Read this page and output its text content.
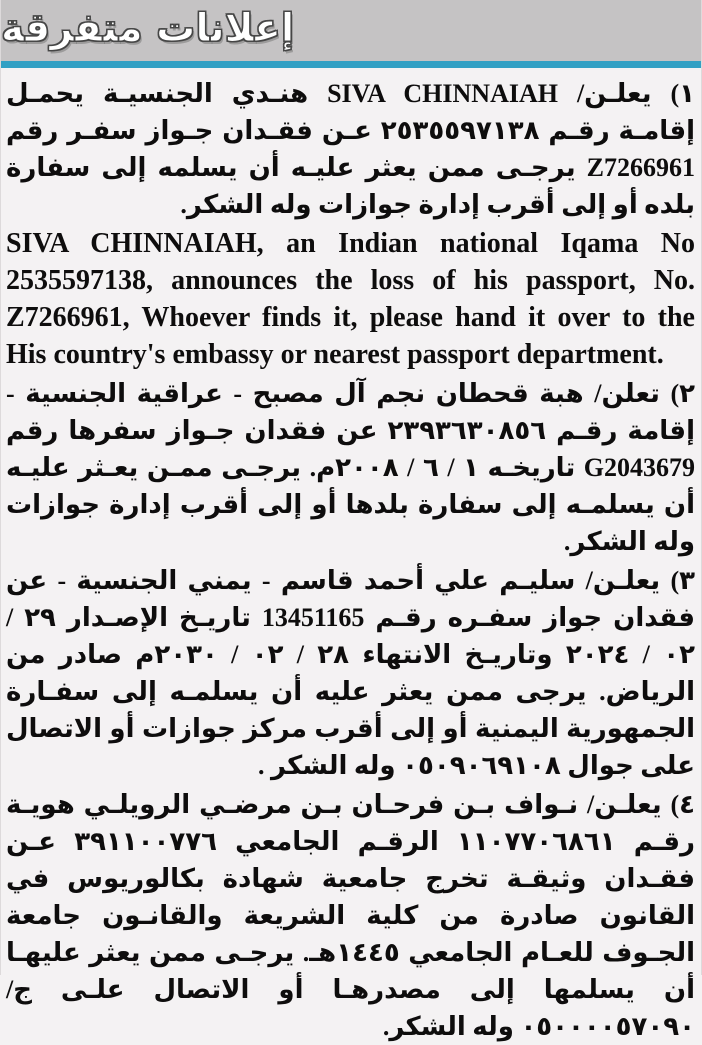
إعلانات متفرقة

١) يعلـن/ SIVA CHINNAIAH هنـدي الجنسيـة يحمـل إقامـة رقـم ٢٥٣٥٥٩٧١٣٨ عـن فقـدان جـواز سفـر رقم Z7266961 يرجـى ممن يعثر عليـه أن يسلمه إلى سفارة بلده أو إلى أقرب إدارة جوازات وله الشكر.

SIVA CHINNAIAH, an Indian national Iqama No 2535597138, announces the loss of his passport, No. Z7266961, Whoever finds it, please hand it over to the His country's embassy or nearest passport department.

٢) تعلن/ هبة قحطان نجم آل مصبح - عراقية الجنسية - إقامة رقـم ٢٣٩٣٦٣٠٨٥٦ عن فقدان جـواز سفرها رقم G2043679 تاريخـه ١ / ٦ / ٢٠٠٨م. يرجـى ممـن يعـثر عليـه أن يسلمـه إلى سفارة بلدها أو إلى أقرب إدارة جوازات وله الشكر.

٣) يعلـن/ سليـم علي أحمد قاسم - يمني الجنسية - عن فقدان جواز سفـره رقـم 13451165 تاريـخ الإصـدار ٢٩ / ٠٢ / ٢٠٢٤ وتاريـخ الانتهاء ٢٨ / ٠٢ / ٢٠٣٠م صادر من الرياض. يرجى ممن يعثر عليه أن يسلمـه إلى سفـارة الجمهورية اليمنية أو إلى أقرب مركز جوازات أو الاتصال على جوال ٠٥٠٩٠٦٩١٠٨ وله الشكر .

٤) يعلـن/ نـواف بـن فرحـان بـن مرضـي الرويلـي هويـة رقـم ١١٠٧٧٠٦٨٦١ الرقـم الجامعي ٣٩١١٠٠٧٧٦ عـن فقـدان وثيقـة تخرج جامعية شهادة بكالوريوس في القانون صادرة من كلية الشريعة والقانـون جامعة الجـوف للعـام الجامعي ١٤٤٥هـ. يرجـى ممن يعثر عليهـا أن يسلمها إلى مصدرهـا أو الاتصال علـى ج/ ٠٥٠٠٠٠٥٧٠٩٠ وله الشكر.
